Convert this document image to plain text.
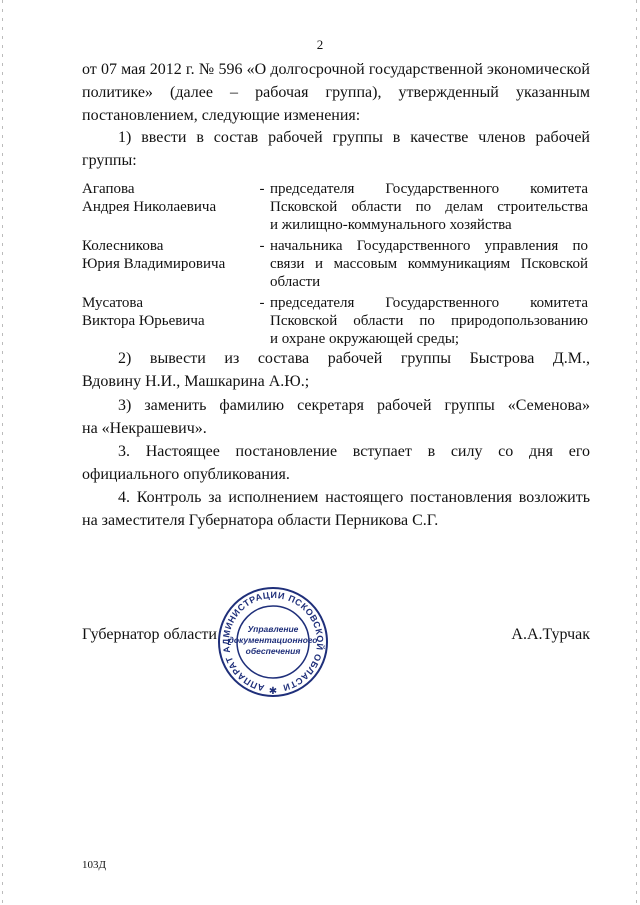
2
от 07 мая 2012 г. № 596 «О долгосрочной государственной экономической
политике» (далее – рабочая группа), утвержденный указанным
постановлением, следующие изменения:
1) ввести в состав рабочей группы в качестве членов рабочей
группы:
Агапова
Андрея Николаевича
- председателя Государственного комитета
Псковской области по делам строительства
и жилищно-коммунального хозяйства
Колесникова
Юрия Владимировича
- начальника Государственного управления по
связи и массовым коммуникациям Псковской
области
Мусатова
Виктора Юрьевича
- председателя Государственного комитета
Псковской области по природопользованию
и охране окружающей среды;
2) вывести из состава рабочей группы Быстрова Д.М.,
Вдовину Н.И., Машкарина А.Ю.;
3) заменить фамилию секретаря рабочей группы «Семенова»
на «Некрашевич».
3. Настоящее постановление вступает в силу со дня его
официального опубликования.
4. Контроль за исполнением настоящего постановления возложить
на заместителя Губернатора области Перникова С.Г.
Губернатор области	А.А.Турчак
АППАРАТ АДМИНИСТРАЦИИ ПСКОВСКОЙ ОБЛАСТИ
Управление
документационного
обеспечения
✱
103Д
